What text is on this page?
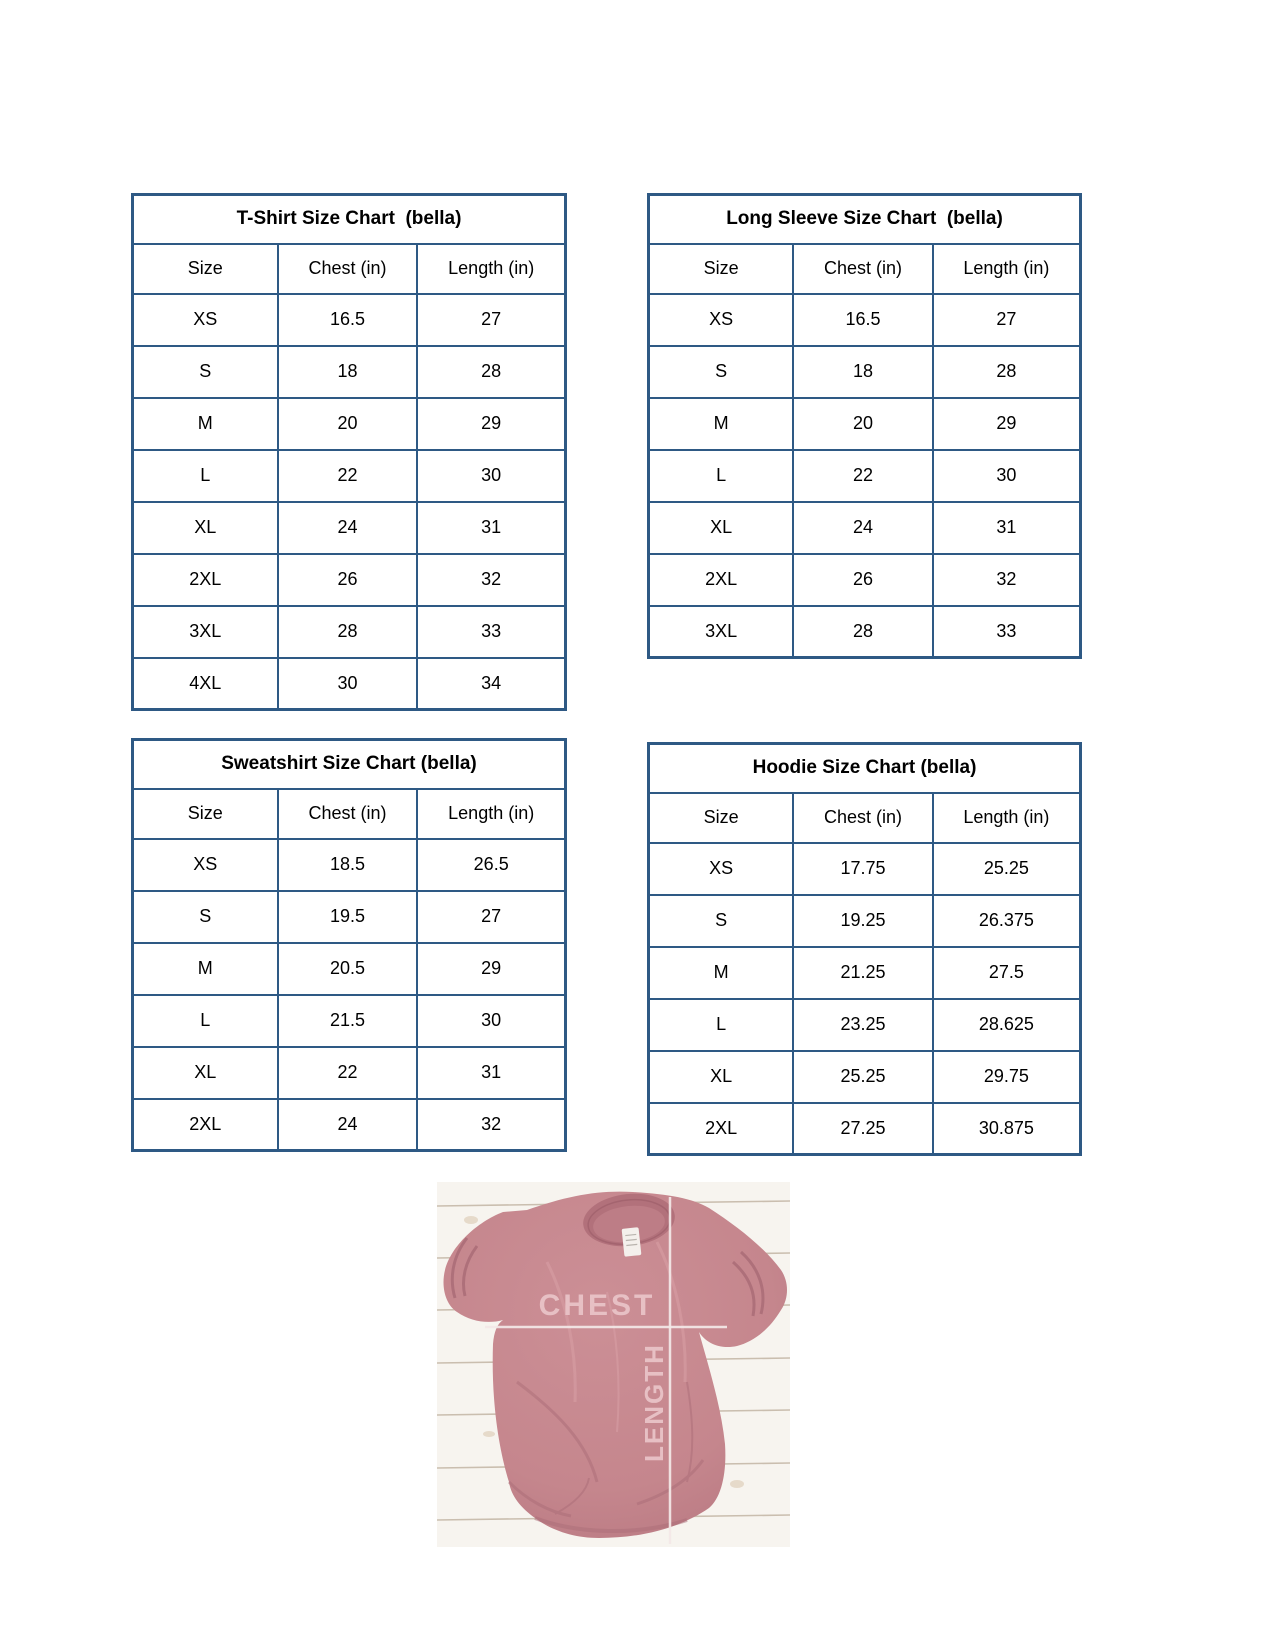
T-Shirt Size Chart  (bella)		
Size	Chest (in)	Length (in)
XS	16.5	27
S	18	28
M	20	29
L	22	30
XL	24	31
2XL	26	32
3XL	28	33
4XL	30	34
Long Sleeve Size Chart  (bella)		
Size	Chest (in)	Length (in)
XS	16.5	27
S	18	28
M	20	29
L	22	30
XL	24	31
2XL	26	32
3XL	28	33
Sweatshirt Size Chart (bella)		
Size	Chest (in)	Length (in)
XS	18.5	26.5
S	19.5	27
M	20.5	29
L	21.5	30
XL	22	31
2XL	24	32
Hoodie Size Chart (bella)		
Size	Chest (in)	Length (in)
XS	17.75	25.25
S	19.25	26.375
M	21.25	27.5
L	23.25	28.625
XL	25.25	29.75
2XL	27.25	30.875
CHEST
LENGTH
